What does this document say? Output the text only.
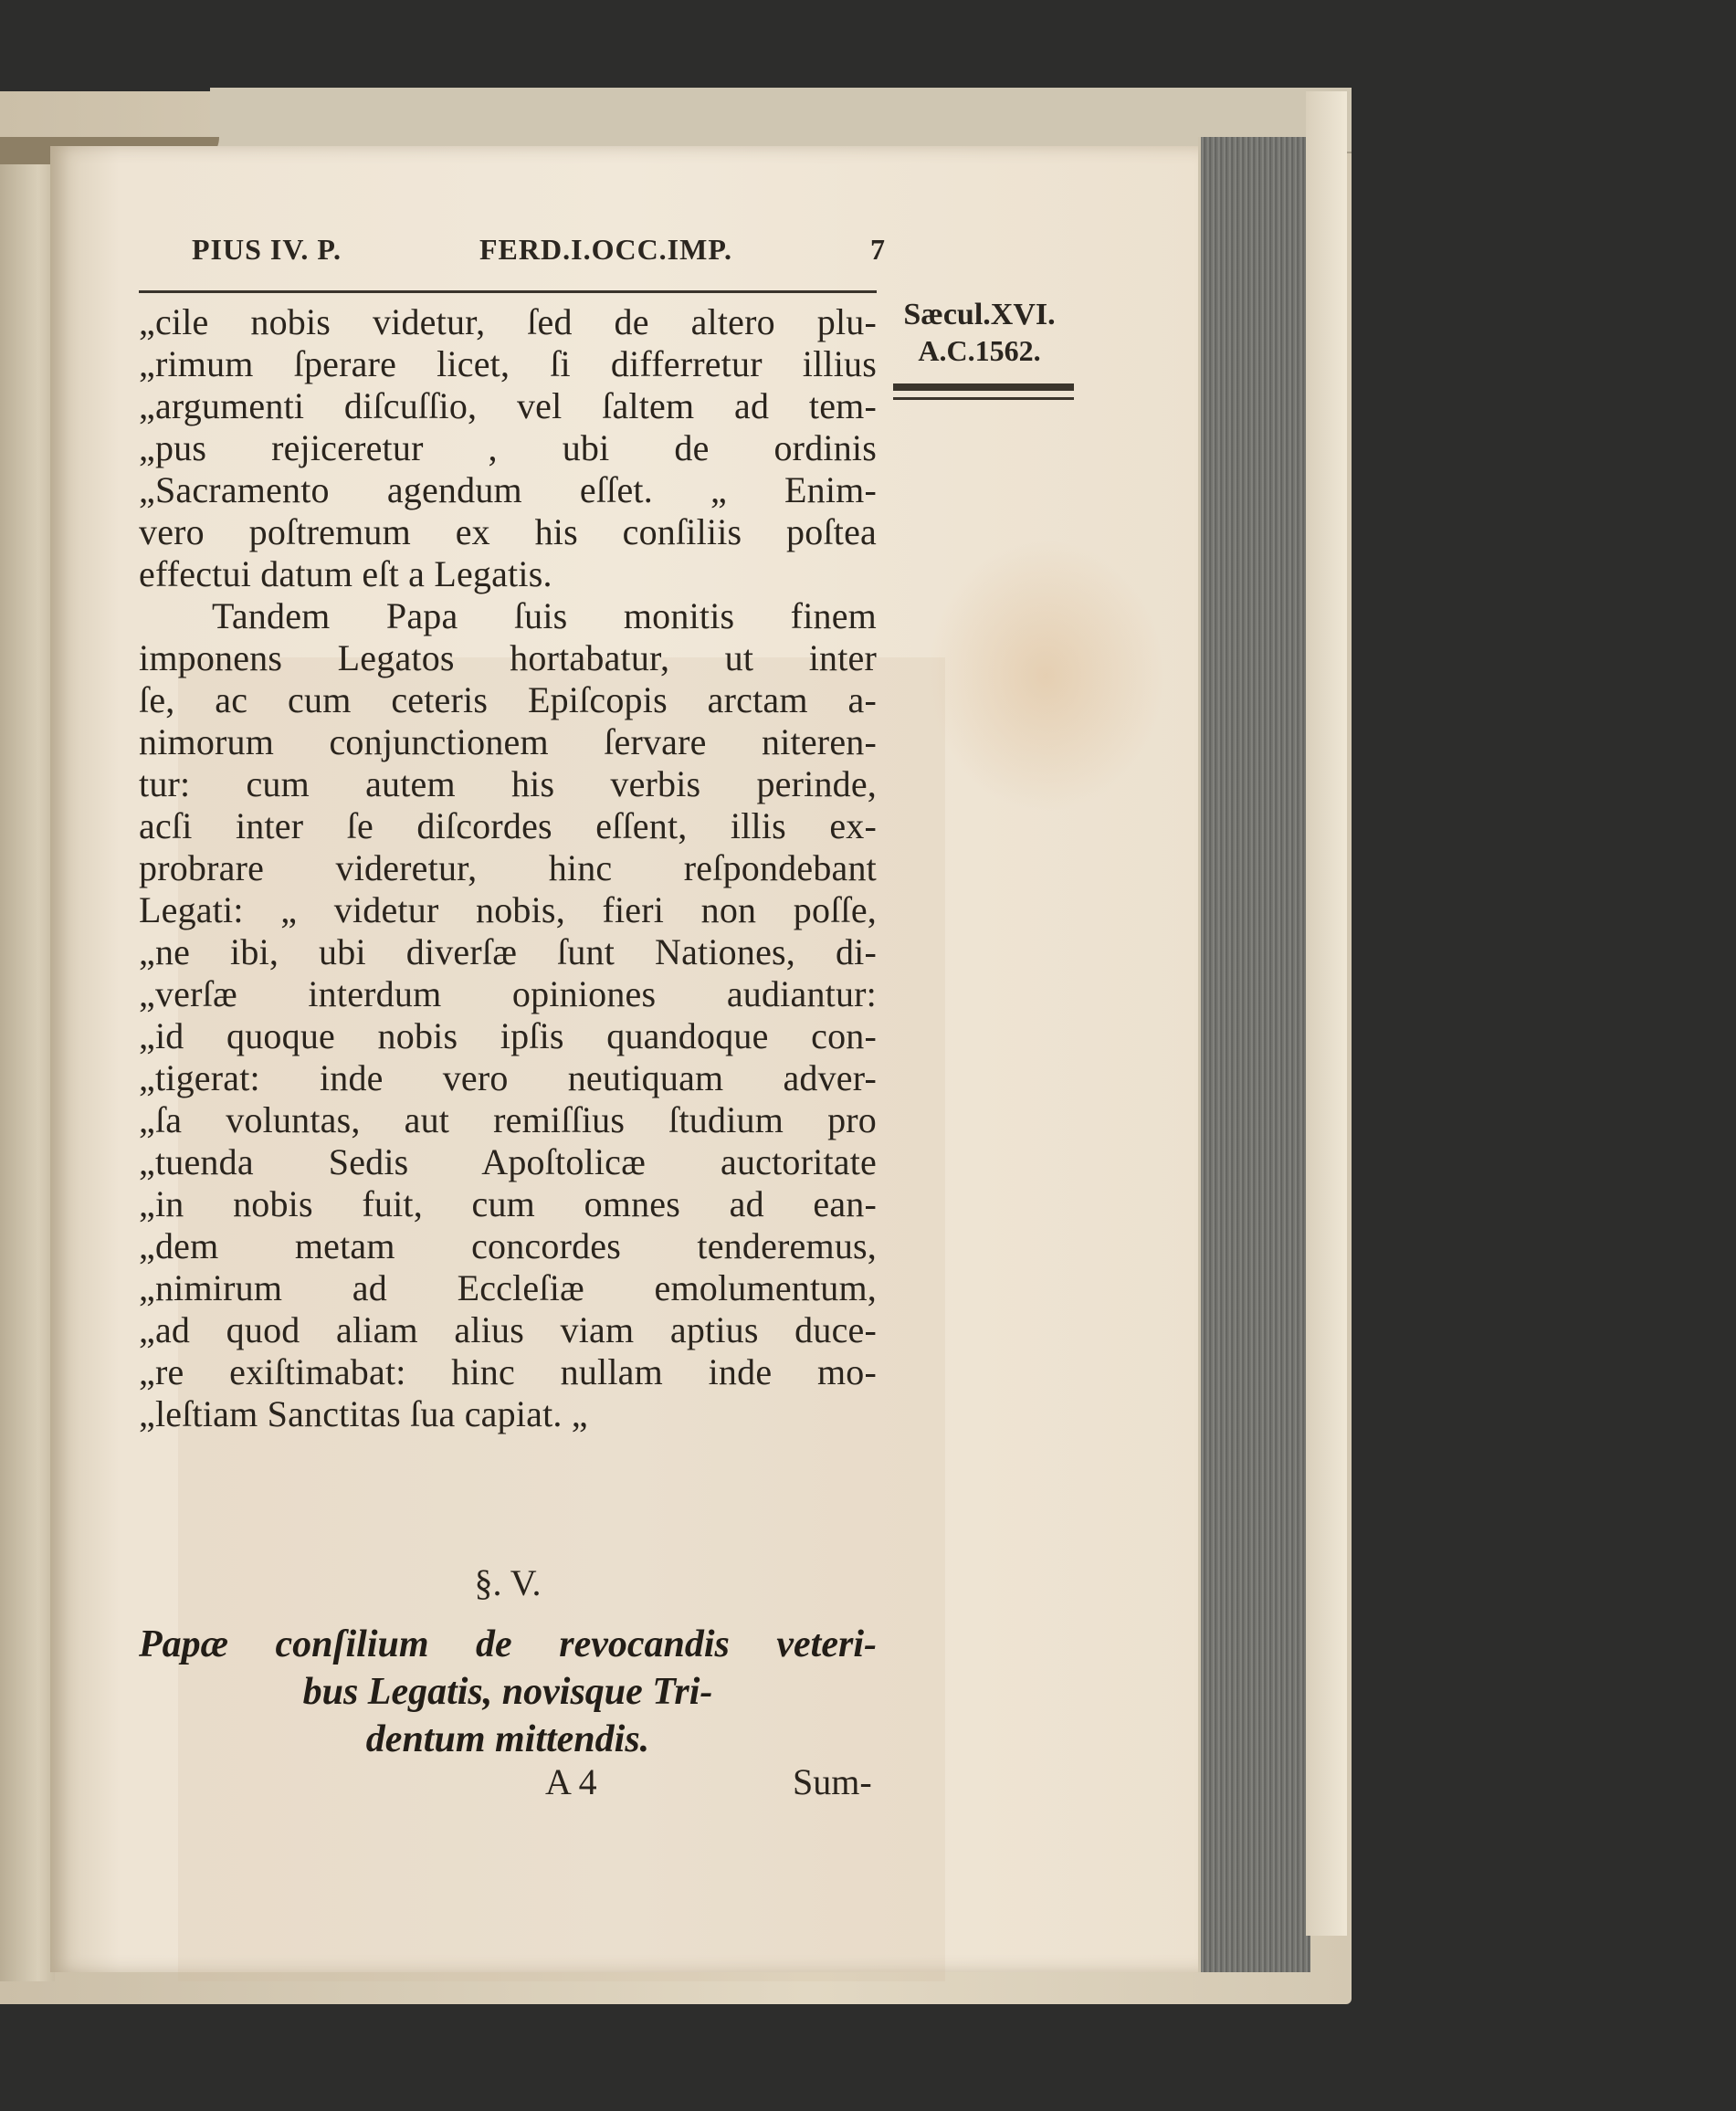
PIUS IV. P.	FERD.I.OCC.IMP.	7
Sæcul.XVI.
A.C.1562.
„cile nobis videtur, ſed de altero plu-
„rimum ſperare licet, ſi differretur illius
„argumenti diſcuſſio, vel ſaltem ad tem-
„pus rejiceretur , ubi de ordinis
„Sacramento agendum eſſet. „ Enim-
vero poſtremum ex his conſiliis poſtea
effectui datum eſt a Legatis.
Tandem Papa ſuis monitis finem
imponens Legatos hortabatur, ut inter
ſe, ac cum ceteris Epiſcopis arctam a-
nimorum conjunctionem ſervare niteren-
tur: cum autem his verbis perinde,
acſi inter ſe diſcordes eſſent, illis ex-
probrare videretur, hinc reſpondebant
Legati: „ videtur nobis, fieri non poſſe,
„ne ibi, ubi diverſæ ſunt Nationes, di-
„verſæ interdum opiniones audiantur:
„id quoque nobis ipſis quandoque con-
„tigerat: inde vero neutiquam adver-
„ſa voluntas, aut remiſſius ſtudium pro
„tuenda Sedis Apoſtolicæ auctoritate
„in nobis fuit, cum omnes ad ean-
„dem metam concordes tenderemus,
„nimirum ad Eccleſiæ emolumentum,
„ad quod aliam alius viam aptius duce-
„re exiſtimabat: hinc nullam inde mo-
„leſtiam Sanctitas ſua capiat. „
§. V.
Papæ conſilium de revocandis veteri-
bus Legatis, novisque Tri-
dentum mittendis.
A 4	Sum-
